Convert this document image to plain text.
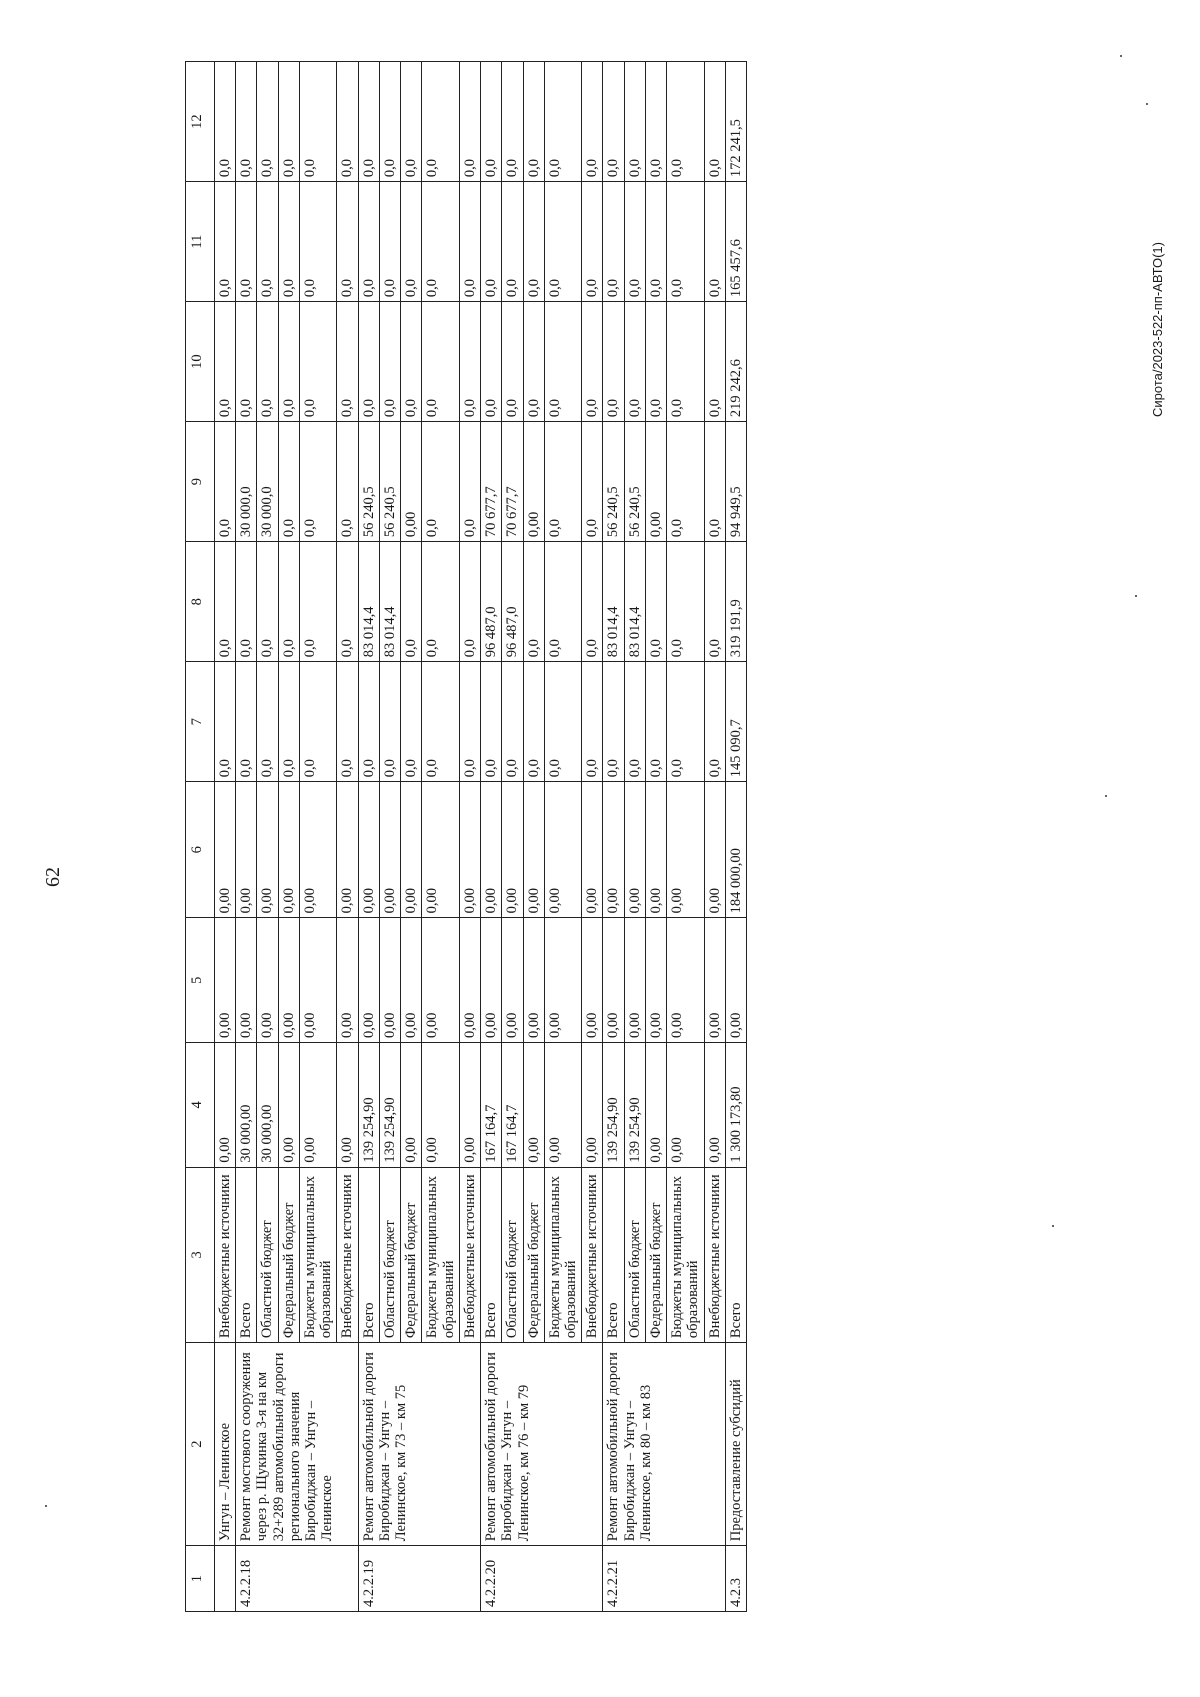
62
1	2	3	4	5	6	7	8	9	10	11	12
	Унгун – Ленинское	Внебюджетные источники	0,00	0,00	0,00	0,0	0,0	0,0	0,0	0,0	0,0
4.2.2.18	Ремонт мостового сооружения через р. Щукинка 3-я на км 32+289 автомобильной дороги регионального значения Биробиджан – Унгун – Ленинское	Всего	30 000,00	0,00	0,00	0,0	0,0	30 000,0	0,0	0,0	0,0
		Областной бюджет	30 000,00	0,00	0,00	0,0	0,0	30 000,0	0,0	0,0	0,0
		Федеральный бюджет	0,00	0,00	0,00	0,0	0,0	0,0	0,0	0,0	0,0
		Бюджеты муниципальных образований	0,00	0,00	0,00	0,0	0,0	0,0	0,0	0,0	0,0
		Внебюджетные источники	0,00	0,00	0,00	0,0	0,0	0,0	0,0	0,0	0,0
4.2.2.19	Ремонт автомобильной дороги Биробиджан – Унгун – Ленинское, км 73 – км 75	Всего	139 254,90	0,00	0,00	0,0	83 014,4	56 240,5	0,0	0,0	0,0
		Областной бюджет	139 254,90	0,00	0,00	0,0	83 014,4	56 240,5	0,0	0,0	0,0
		Федеральный бюджет	0,00	0,00	0,00	0,0	0,0	0,00	0,0	0,0	0,0
		Бюджеты муниципальных образований	0,00	0,00	0,00	0,0	0,0	0,0	0,0	0,0	0,0
		Внебюджетные источники	0,00	0,00	0,00	0,0	0,0	0,0	0,0	0,0	0,0
4.2.2.20	Ремонт автомобильной дороги Биробиджан – Унгун – Ленинское, км 76 – км 79	Всего	167 164,7	0,00	0,00	0,0	96 487,0	70 677,7	0,0	0,0	0,0
		Областной бюджет	167 164,7	0,00	0,00	0,0	96 487,0	70 677,7	0,0	0,0	0,0
		Федеральный бюджет	0,00	0,00	0,00	0,0	0,0	0,00	0,0	0,0	0,0
		Бюджеты муниципальных образований	0,00	0,00	0,00	0,0	0,0	0,0	0,0	0,0	0,0
		Внебюджетные источники	0,00	0,00	0,00	0,0	0,0	0,0	0,0	0,0	0,0
4.2.2.21	Ремонт автомобильной дороги Биробиджан – Унгун – Ленинское, км 80 – км 83	Всего	139 254,90	0,00	0,00	0,0	83 014,4	56 240,5	0,0	0,0	0,0
		Областной бюджет	139 254,90	0,00	0,00	0,0	83 014,4	56 240,5	0,0	0,0	0,0
		Федеральный бюджет	0,00	0,00	0,00	0,0	0,0	0,00	0,0	0,0	0,0
		Бюджеты муниципальных образований	0,00	0,00	0,00	0,0	0,0	0,0	0,0	0,0	0,0
		Внебюджетные источники	0,00	0,00	0,00	0,0	0,0	0,0	0,0	0,0	0,0
4.2.3	Предоставление субсидий	Всего	1 300 173,80	0,00	184 000,00	145 090,7	319 191,9	94 949,5	219 242,6	165 457,6	172 241,5
Сирота/2023-522-пп-АВТО(1)
